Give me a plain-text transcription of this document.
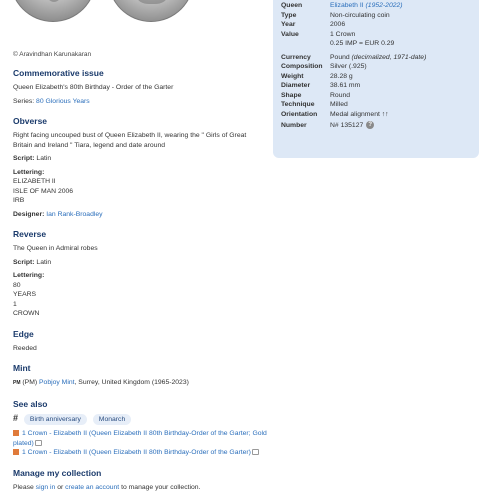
© Aravindhan Karunakaran
Queen	Elizabeth II (1952-2022)
Type	Non-circulating coin
Year	2006
Value	1 Crown
0.25 IMP = EUR 0.29
Currency	Pound (decimalized, 1971-date)
Composition	Silver (.925)
Weight	28.28 g
Diameter	38.61 mm
Shape	Round
Technique	Milled
Orientation	Medal alignment ↑↑
Number	N# 135127 ?
Commemorative issue
Queen Elizabeth's 80th Birthday - Order of the Garter
Series: 80 Glorious Years
Obverse
Right facing uncouped bust of Queen Elizabeth II, wearing the " Girls of Great
Britain and Ireland " Tiara, legend and date around
Script: Latin
Lettering:
ELIZABETH II
ISLE OF MAN 2006
IRB
Designer: Ian Rank-Broadley
Reverse
The Queen in Admiral robes
Script: Latin
Lettering:
80
YEARS
1
CROWN
Edge
Reeded
Mint
PM (PM) Pobjoy Mint, Surrey, United Kingdom (1965-2023)
See also
# Birth anniversary	Monarch
1 Crown - Elizabeth II (Queen Elizabeth II 80th Birthday-Order of the Garter; Gold plated)
1 Crown - Elizabeth II (Queen Elizabeth II 80th Birthday-Order of the Garter)
Manage my collection
Please sign in or create an account to manage your collection.
